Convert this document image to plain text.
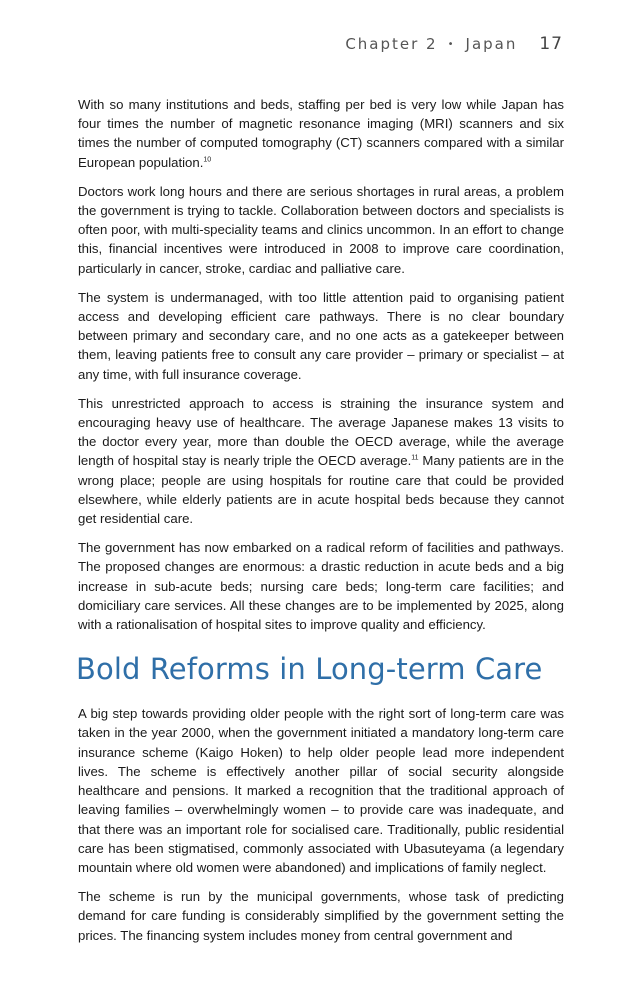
Chapter 2 • Japan 17

With so many institutions and beds, staffing per bed is very low while Japan has four times the number of magnetic resonance imaging (MRI) scanners and six times the number of computed tomography (CT) scanners compared with a similar European population.$^{10}$

Doctors work long hours and there are serious shortages in rural areas, a problem the government is trying to tackle. Collaboration between doctors and specialists is often poor, with multi-speciality teams and clinics uncommon. In an effort to change this, financial incentives were introduced in 2008 to improve care coordination, particularly in cancer, stroke, cardiac and palliative care.

The system is undermanaged, with too little attention paid to organising patient access and developing efficient care pathways. There is no clear boundary between primary and secondary care, and no one acts as a gatekeeper between them, leaving patients free to consult any care provider – primary or specialist – at any time, with full insurance coverage.

This unrestricted approach to access is straining the insurance system and encouraging heavy use of healthcare. The average Japanese makes 13 visits to the doctor every year, more than double the OECD average, while the average length of hospital stay is nearly triple the OECD average.$^{11}$ Many patients are in the wrong place; people are using hospitals for routine care that could be provided elsewhere, while elderly patients are in acute hospital beds because they cannot get residential care.

The government has now embarked on a radical reform of facilities and pathways. The proposed changes are enormous: a drastic reduction in acute beds and a big increase in sub-acute beds; nursing care beds; long-term care facilities; and domiciliary care services. All these changes are to be implemented by 2025, along with a rationalisation of hospital sites to improve quality and efficiency.

Bold Reforms in Long-term Care

A big step towards providing older people with the right sort of long-term care was taken in the year 2000, when the government initiated a mandatory long-term care insurance scheme (Kaigo Hoken) to help older people lead more independent lives. The scheme is effectively another pillar of social security alongside healthcare and pensions. It marked a recognition that the traditional approach of leaving families – overwhelmingly women – to provide care was inadequate, and that there was an important role for socialised care. Traditionally, public residential care has been stigmatised, commonly associated with Ubasuteyama (a legendary mountain where old women were abandoned) and implications of family neglect.

The scheme is run by the municipal governments, whose task of predicting demand for care funding is considerably simplified by the government setting the prices. The financing system includes money from central government and
